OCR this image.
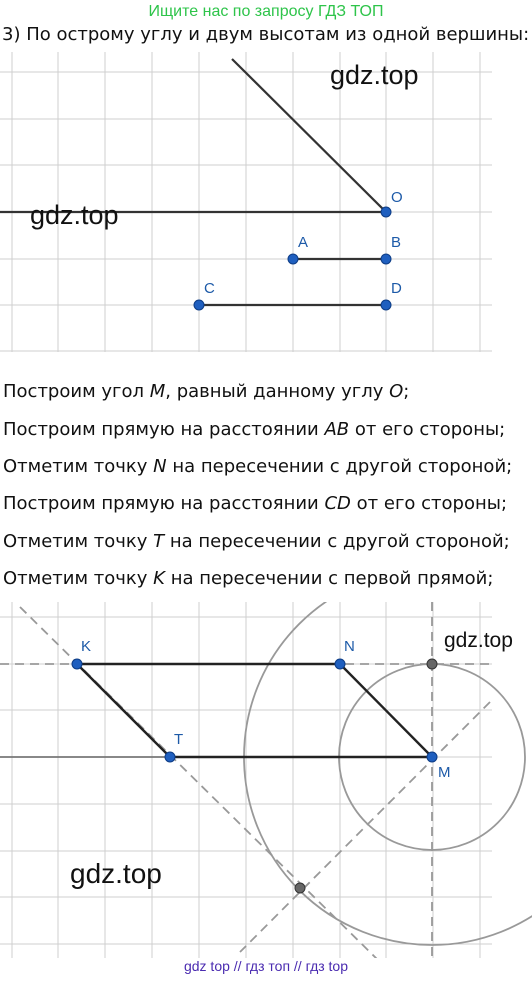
Ищите нас по запросу ГДЗ ТОП
3) По острому углу и двум высотам из одной вершины:
O
A	B
C	D
gdz.top
gdz.top
Построим угол M, равный данному углу O;
Построим прямую на расстоянии AB от его стороны;
Отметим точку N на пересечении с другой стороной;
Построим прямую на расстоянии CD от его стороны;
Отметим точку T на пересечении с другой стороной;
Отметим точку K на пересечении с первой прямой;
K	N
T
M
gdz.top
gdz.top
gdz top // гдз топ // гдз top
